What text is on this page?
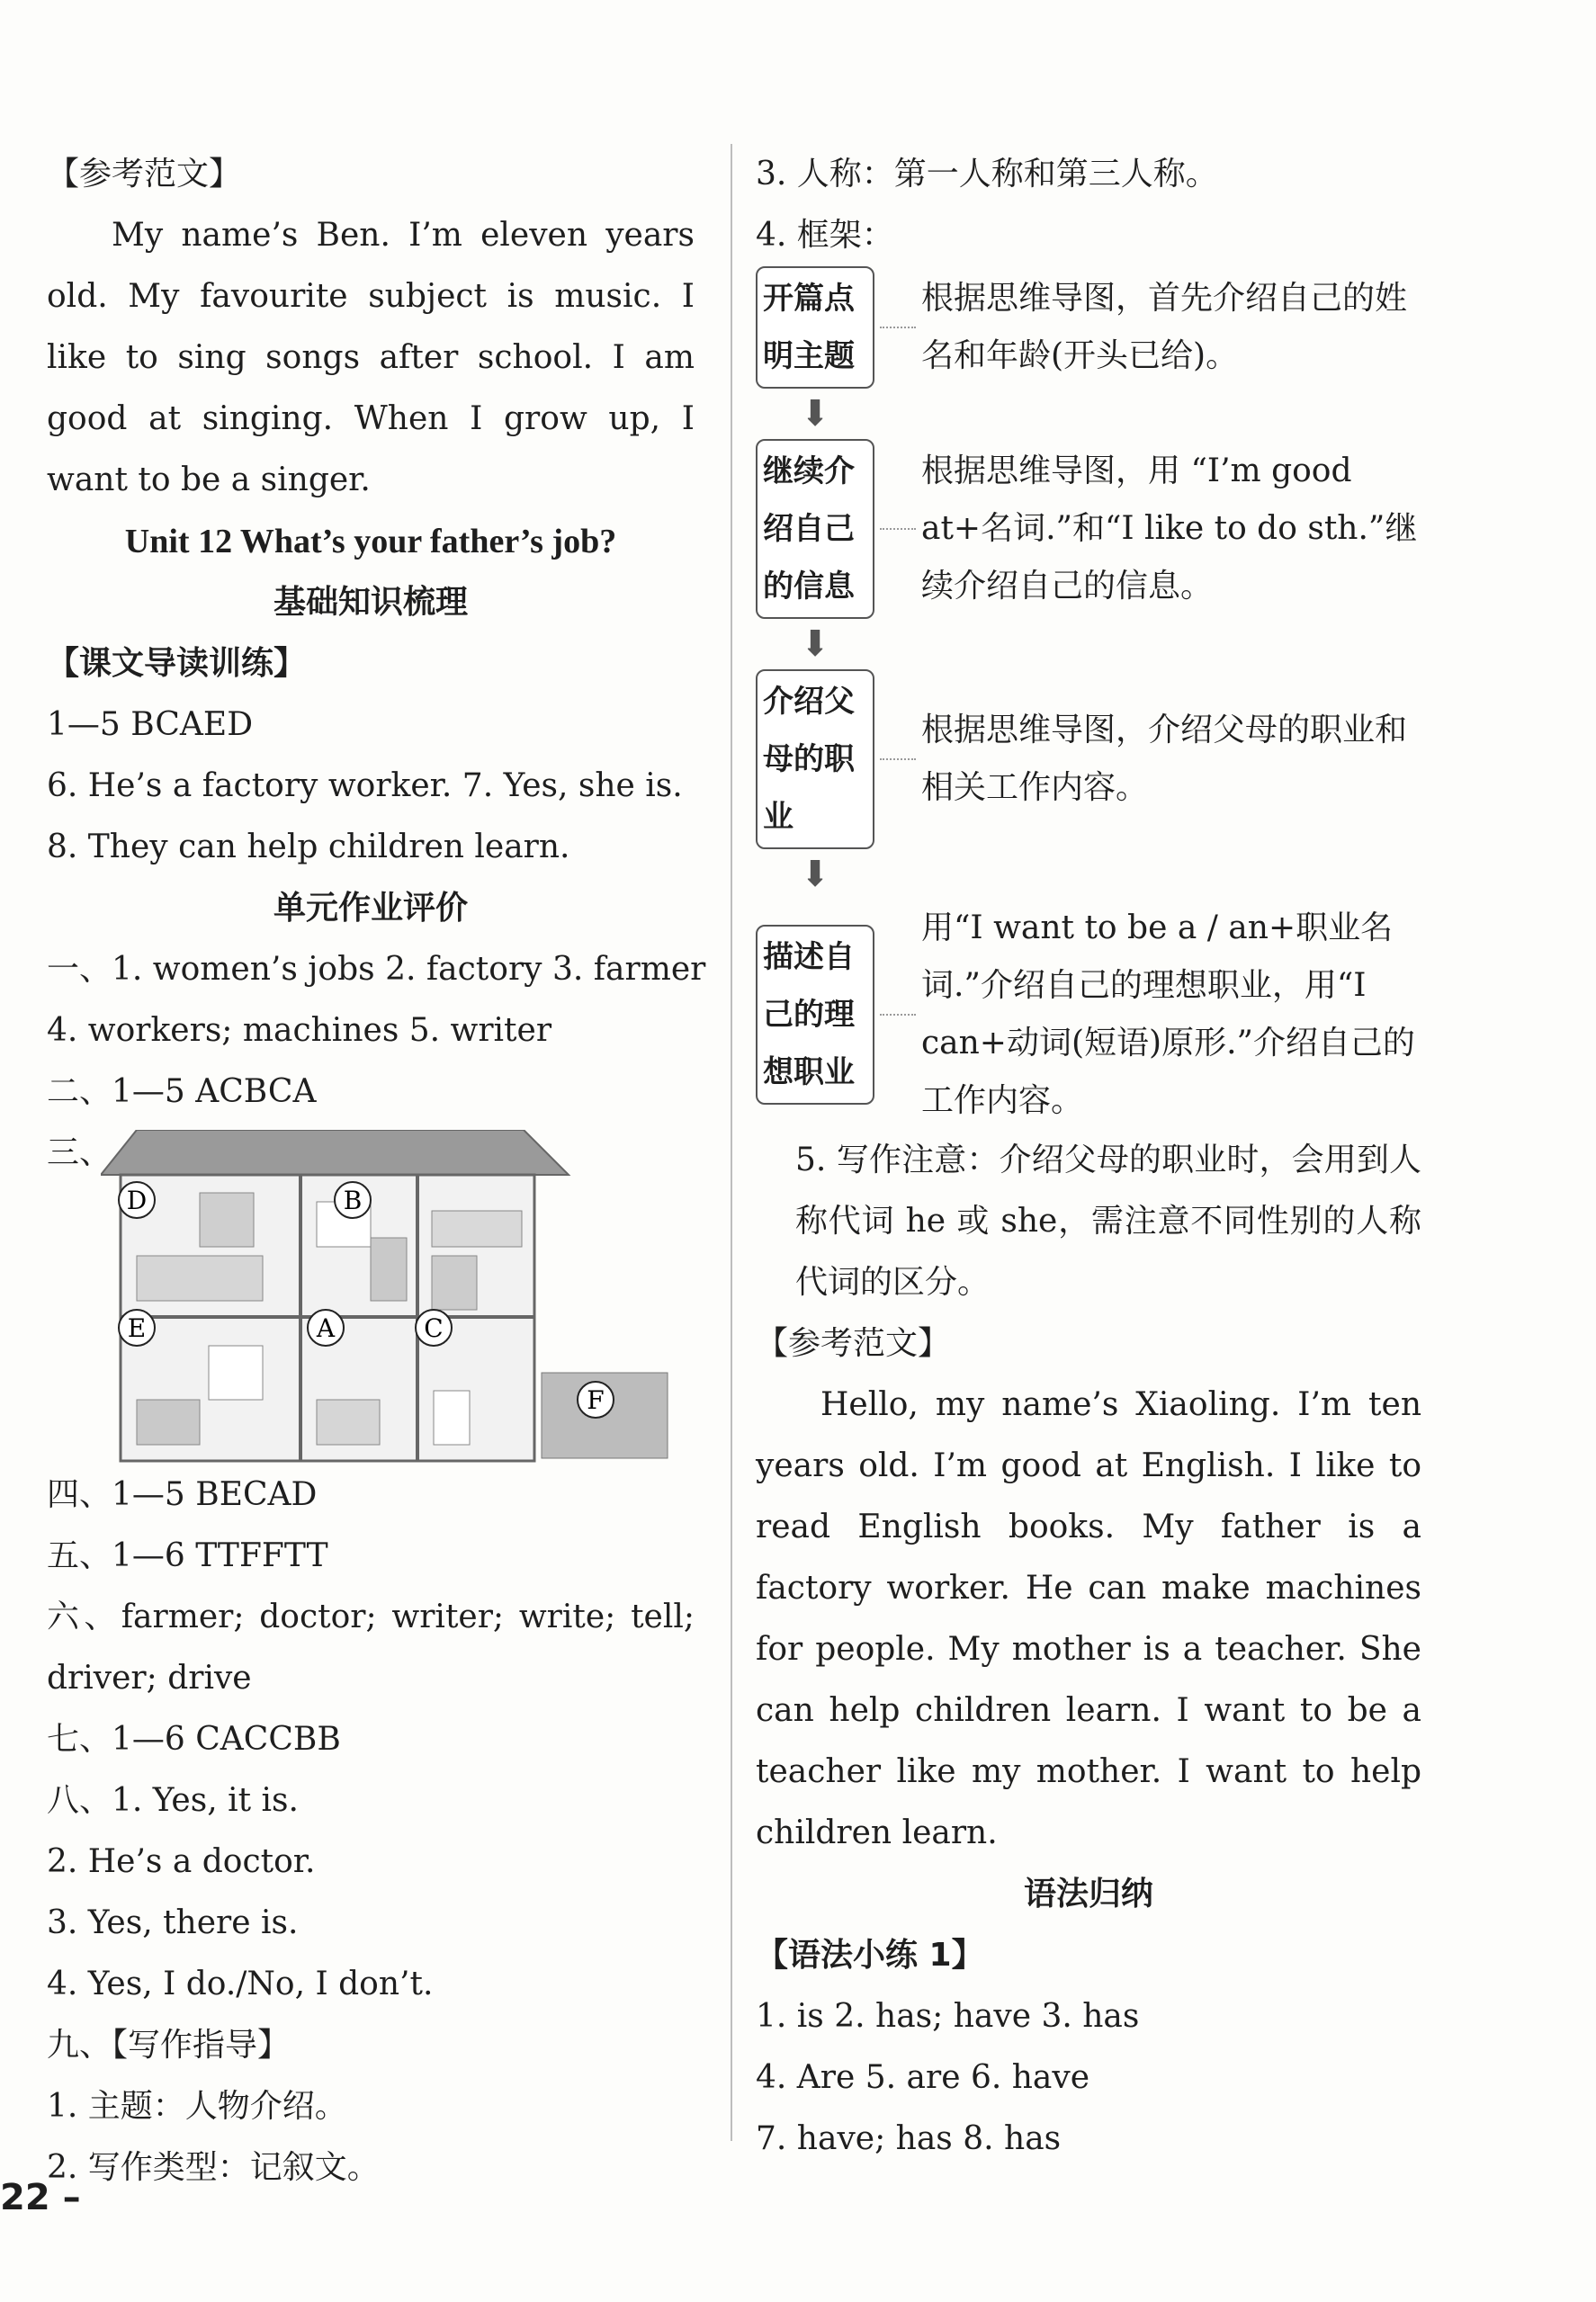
【参考范文】
My name’s Ben. I’m eleven years old. My favourite subject is music. I like to sing songs after school. I am good at singing. When I grow up, I want to be a singer.
Unit 12 What’s your father’s job?
基础知识梳理
【课文导读训练】
1—5 BCAED
6. He’s a factory worker. 7. Yes, she is.
8. They can help children learn.
单元作业评价
一、1. women’s jobs 2. factory 3. farmer
4. workers; machines 5. writer
二、1—5 ACBCA
三、
D	B
E	A	C
F
四、1—5 BECAD
五、1—6 TTFFTT
六、farmer; doctor; writer; write; tell; driver; drive
七、1—6 CACCBB
八、1. Yes, it is.
2. He’s a doctor.
3. Yes, there is.
4. Yes, I do./No, I don’t.
九、【写作指导】
1. 主题：人物介绍。
2. 写作类型：记叙文。
3. 人称：第一人称和第三人称。
4. 框架：
开篇点明主题
根据思维导图，首先介绍自己的姓名和年龄(开头已给)。
⬇
继续介绍自己的信息
根据思维导图，用 “I’m good at+名词.”和“I like to do sth.”继续介绍自己的信息。
⬇
介绍父母的职业
根据思维导图，介绍父母的职业和相关工作内容。
⬇
描述自己的理想职业
用“I want to be a / an+职业名词.”介绍自己的理想职业，用“I can+动词(短语)原形.”介绍自己的工作内容。
5. 写作注意：介绍父母的职业时，会用到人称代词 he 或 she，需注意不同性别的人称代词的区分。
【参考范文】
Hello, my name’s Xiaoling. I’m ten years old. I’m good at English. I like to read English books. My father is a factory worker. He can make machines for people. My mother is a teacher. She can help children learn. I want to be a teacher like my mother. I want to help children learn.
语法归纳
【语法小练 1】
1. is 2. has; have 3. has
4. Are 5. are 6. have
7. have; has 8. has
22 –
